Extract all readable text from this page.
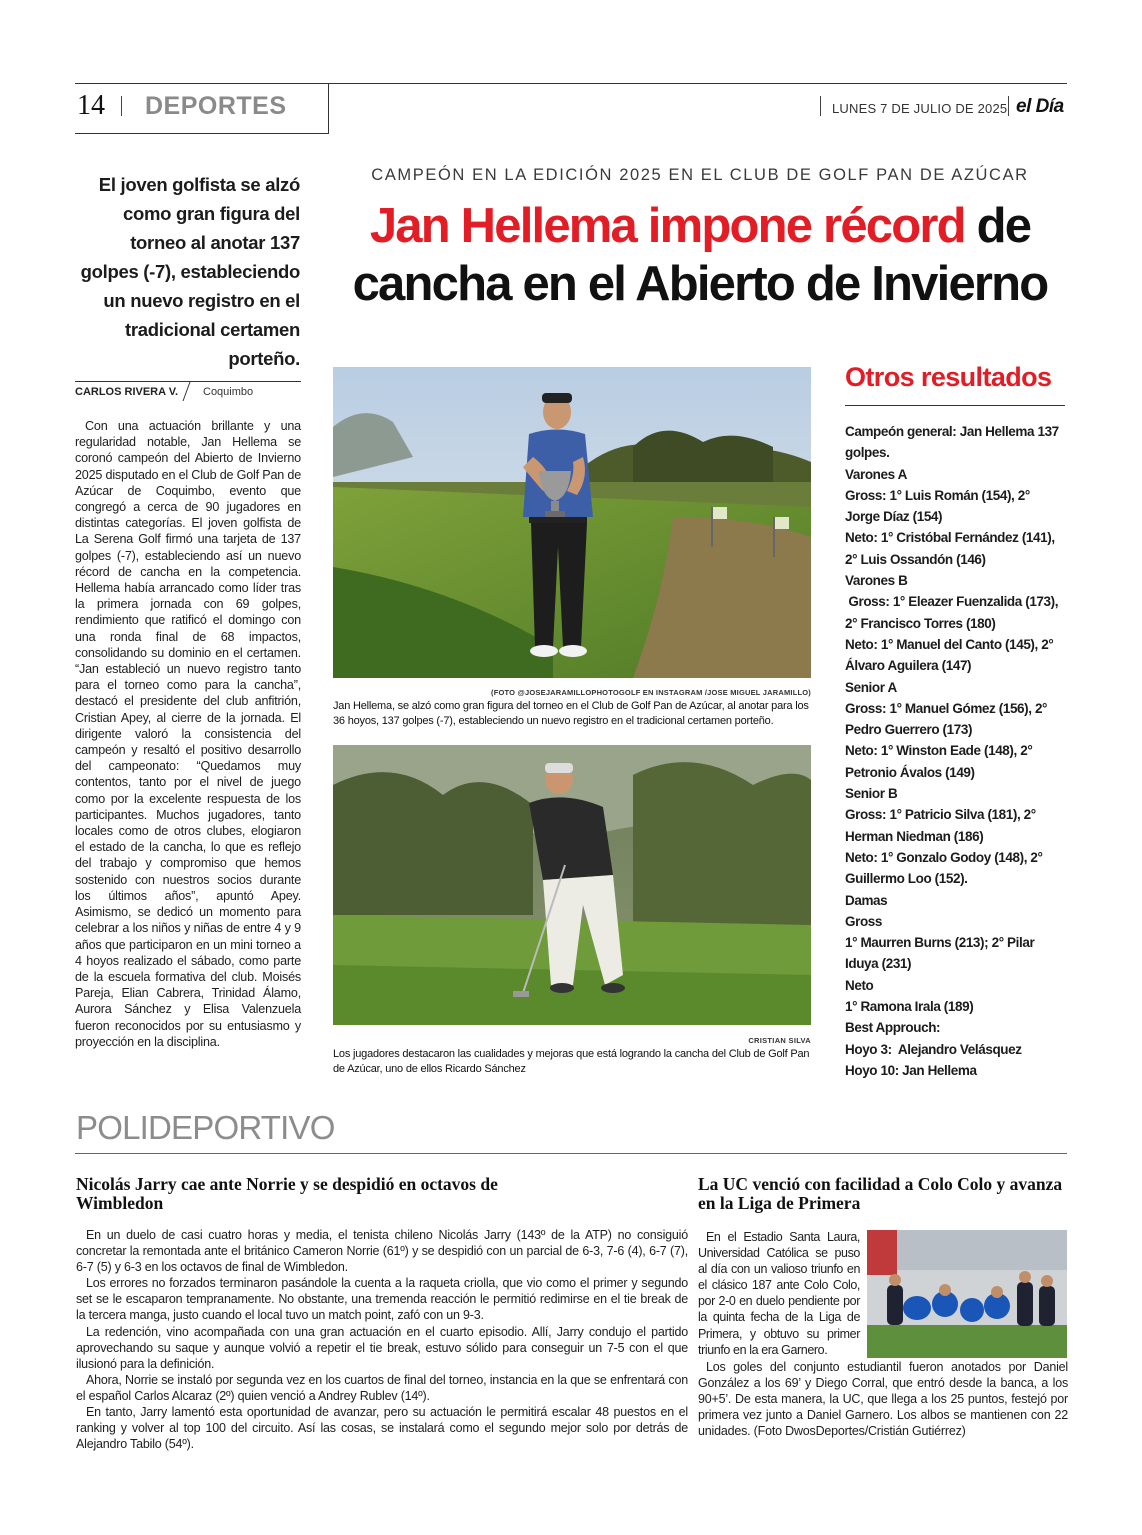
14 DEPORTES	LUNES 7 DE JULIO DE 2025 el Día
CAMPEÓN EN LA EDICIÓN 2025 EN EL CLUB DE GOLF PAN DE AZÚCAR
Jan Hellema impone récord de cancha en el Abierto de Invierno
El joven golfista se alzó como gran figura del torneo al anotar 137 golpes (-7), estableciendo un nuevo registro en el tradicional certamen porteño.
CARLOS RIVERA V. Coquimbo
Con una actuación brillante y una regularidad notable, Jan Hellema se coronó campeón del Abierto de Invierno 2025 disputado en el Club de Golf Pan de Azúcar de Coquimbo, evento que congregó a cerca de 90 jugadores en distintas categorías. El joven golfista de La Serena Golf firmó una tarjeta de 137 golpes (-7), estableciendo así un nuevo récord de cancha en la competencia. Hellema había arrancado como líder tras la primera jornada con 69 golpes, rendimiento que ratificó el domingo con una ronda final de 68 impactos, consolidando su dominio en el certamen. “Jan estableció un nuevo registro tanto para el torneo como para la cancha”, destacó el presidente del club anfitrión, Cristian Apey, al cierre de la jornada. El dirigente valoró la consistencia del campeón y resaltó el positivo desarrollo del campeonato: “Quedamos muy contentos, tanto por el nivel de juego como por la excelente respuesta de los participantes. Muchos jugadores, tanto locales como de otros clubes, elogiaron el estado de la cancha, lo que es reflejo del trabajo y compromiso que hemos sostenido con nuestros socios durante los últimos años”, apuntó Apey. Asimismo, se dedicó un momento para celebrar a los niños y niñas de entre 4 y 9 años que participaron en un mini torneo a 4 hoyos realizado el sábado, como parte de la escuela formativa del club. Moisés Pareja, Elian Cabrera, Trinidad Álamo, Aurora Sánchez y Elisa Valenzuela fueron reconocidos por su entusiasmo y proyección en la disciplina.
(FOTO @JOSEJARAMILLOPHOTOGOLF EN INSTAGRAM /JOSE MIGUEL JARAMILLO)
Jan Hellema, se alzó como gran figura del torneo en el Club de Golf Pan de Azúcar, al anotar para los 36 hoyos, 137 golpes (-7), estableciendo un nuevo registro en el tradicional certamen porteño.
CRISTIAN SILVA
Los jugadores destacaron las cualidades y mejoras que está logrando la cancha del Club de Golf Pan de Azúcar, uno de ellos Ricardo Sánchez
Otros resultados
Campeón general: Jan Hellema 137 golpes.
Varones A
Gross: 1° Luis Román (154), 2° Jorge Díaz (154)
Neto: 1° Cristóbal Fernández (141), 2° Luis Ossandón (146)
Varones B
Gross: 1° Eleazer Fuenzalida (173), 2° Francisco Torres (180)
Neto: 1° Manuel del Canto (145), 2° Álvaro Aguilera (147)
Senior A
Gross: 1° Manuel Gómez (156), 2° Pedro Guerrero (173)
Neto: 1° Winston Eade (148), 2° Petronio Ávalos (149)
Senior B
Gross: 1° Patricio Silva (181), 2° Herman Niedman (186)
Neto: 1° Gonzalo Godoy (148), 2° Guillermo Loo (152).
Damas
Gross
1° Maurren Burns (213); 2° Pilar Iduya (231)
Neto
1° Ramona Irala (189)
Best Approuch:
Hoyo 3:  Alejandro Velásquez
Hoyo 10: Jan Hellema
POLIDEPORTIVO
Nicolás Jarry cae ante Norrie y se despidió en octavos de Wimbledon

En un duelo de casi cuatro horas y media, el tenista chileno Nicolás Jarry (143º de la ATP) no consiguió concretar la remontada ante el británico Cameron Norrie (61º) y se despidió con un parcial de 6-3, 7-6 (4), 6-7 (7), 6-7 (5) y 6-3 en los octavos de final de Wimbledon.

Los errores no forzados terminaron pasándole la cuenta a la raqueta criolla, que vio como el primer y segundo set se le escaparon tempranamente. No obstante, una tremenda reacción le permitió redimirse en el tie break de la tercera manga, justo cuando el local tuvo un match point, zafó con un 9-3.

La redención, vino acompañada con una gran actuación en el cuarto episodio. Allí, Jarry condujo el partido aprovechando su saque y aunque volvió a repetir el tie break, estuvo sólido para conseguir un 7-5 con el que ilusionó para la definición.

Ahora, Norrie se instaló por segunda vez en los cuartos de final del torneo, instancia en la que se enfrentará con el español Carlos Alcaraz (2º) quien venció a Andrey Rublev (14º).

En tanto, Jarry lamentó esta oportunidad de avanzar, pero su actuación le permitirá escalar 48 puestos en el ranking y volver al top 100 del circuito. Así las cosas, se instalará como el segundo mejor solo por detrás de Alejandro Tabilo (54º).

La UC venció con facilidad a Colo Colo y avanza en la Liga de Primera
En el Estadio Santa Laura, Universidad Católica se puso al día con un valioso triunfo en el clásico 187 ante Colo Colo, por 2-0 en duelo pendiente por la quinta fecha de la Liga de Primera, y obtuvo su primer triunfo en la era Garnero.
Los goles del conjunto estudiantil fueron anotados por Daniel González a los 69’ y Diego Corral, que entró desde la banca, a los 90+5’. De esta manera, la UC, que llega a los 25 puntos, festejó por primera vez junto a Daniel Garnero. Los albos se mantienen con 22 unidades. (Foto DwosDeportes/Cristián Gutiérrez)
